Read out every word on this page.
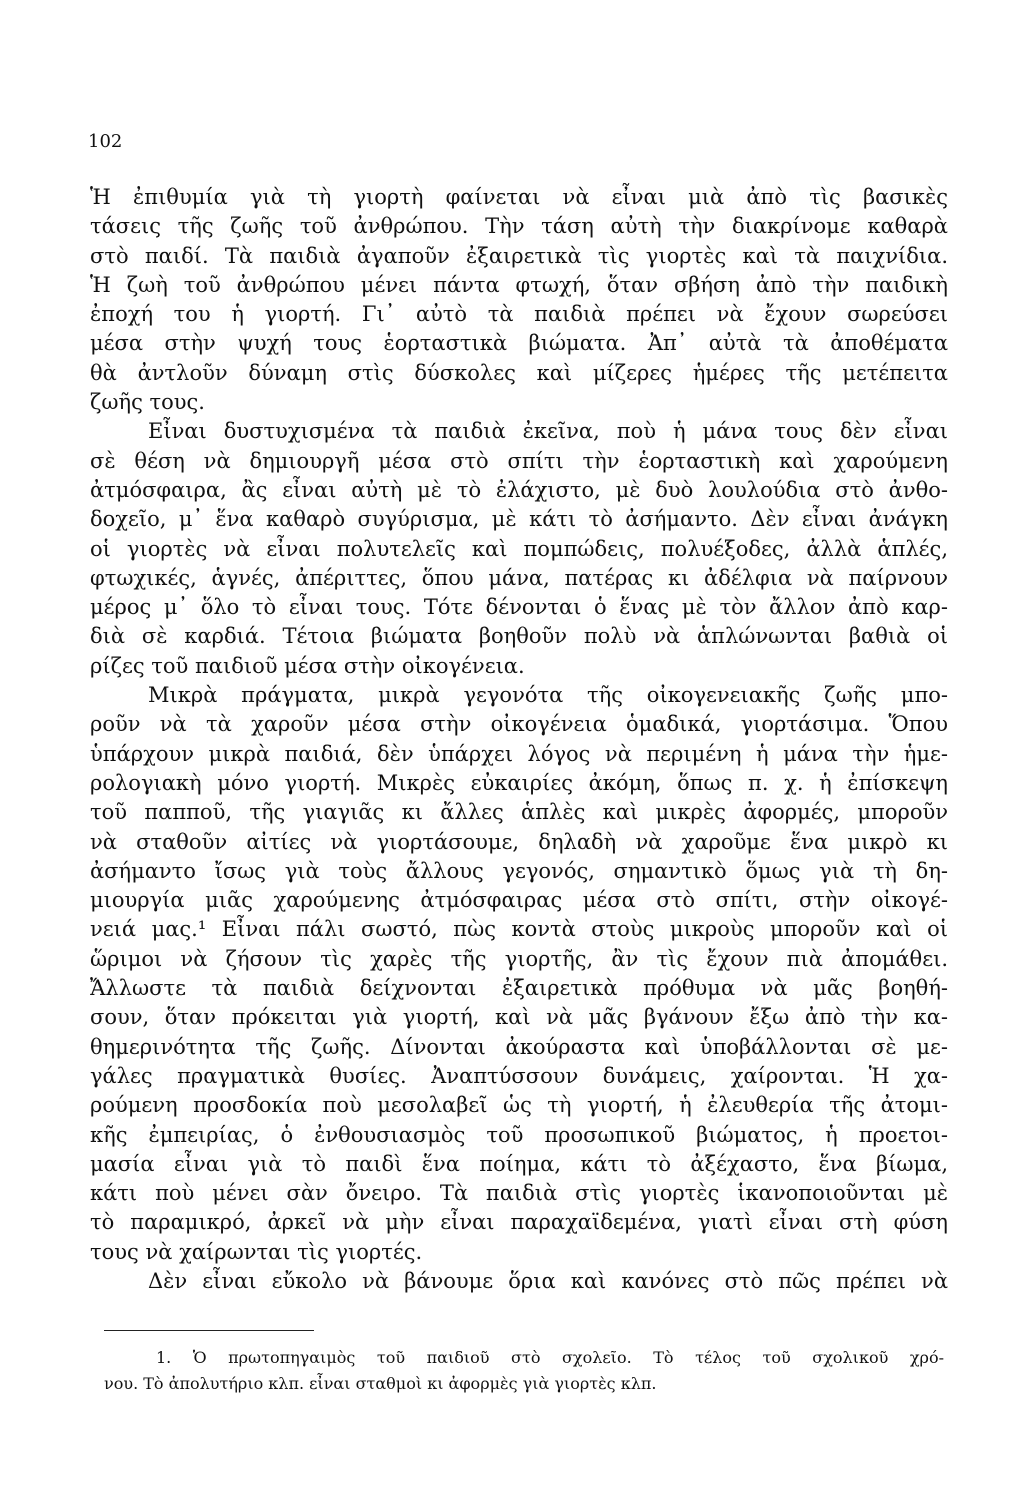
102
Ἡ ἐπιθυμία γιὰ τὴ γιορτὴ φαίνεται νὰ εἶναι μιὰ ἀπὸ τὶς βασικὲς
τάσεις τῆς ζωῆς τοῦ ἀνθρώπου. Τὴν τάση αὐτὴ τὴν διακρίνομε καθαρὰ
στὸ παιδί. Τὰ παιδιὰ ἀγαποῦν ἐξαιρετικὰ τὶς γιορτὲς καὶ τὰ παιχνίδια.
Ἡ ζωὴ τοῦ ἀνθρώπου μένει πάντα φτωχή, ὅταν σβήση ἀπὸ τὴν παιδικὴ
ἐποχή του ἡ γιορτή. Γι᾽ αὐτὸ τὰ παιδιὰ πρέπει νὰ ἔχουν σωρεύσει
μέσα στὴν ψυχή τους ἑορταστικὰ βιώματα. Ἀπ᾽ αὐτὰ τὰ ἀποθέματα
θὰ ἀντλοῦν δύναμη στὶς δύσκολες καὶ μίζερες ἡμέρες τῆς μετέπειτα
ζωῆς τους.
Εἶναι δυστυχισμένα τὰ παιδιὰ ἐκεῖνα, ποὺ ἡ μάνα τους δὲν εἶναι
σὲ θέση νὰ δημιουργῆ μέσα στὸ σπίτι τὴν ἑορταστικὴ καὶ χαρούμενη
ἀτμόσφαιρα, ἂς εἶναι αὐτὴ μὲ τὸ ἐλάχιστο, μὲ δυὸ λουλούδια στὸ ἀνθο-
δοχεῖο, μ᾽ ἕνα καθαρὸ συγύρισμα, μὲ κάτι τὸ ἀσήμαντο. Δὲν εἶναι ἀνάγκη
οἱ γιορτὲς νὰ εἶναι πολυτελεῖς καὶ πομπώδεις, πολυέξοδες, ἀλλὰ ἁπλές,
φτωχικές, ἁγνές, ἀπέριττες, ὅπου μάνα, πατέρας κι ἀδέλφια νὰ παίρνουν
μέρος μ᾽ ὅλο τὸ εἶναι τους. Τότε δένονται ὁ ἕνας μὲ τὸν ἄλλον ἀπὸ καρ-
διὰ σὲ καρδιά. Τέτοια βιώματα βοηθοῦν πολὺ νὰ ἁπλώνωνται βαθιὰ οἱ
ρίζες τοῦ παιδιοῦ μέσα στὴν οἰκογένεια.
Μικρὰ πράγματα, μικρὰ γεγονότα τῆς οἰκογενειακῆς ζωῆς μπο-
ροῦν νὰ τὰ χαροῦν μέσα στὴν οἰκογένεια ὁμαδικά, γιορτάσιμα. Ὅπου
ὑπάρχουν μικρὰ παιδιά, δὲν ὑπάρχει λόγος νὰ περιμένη ἡ μάνα τὴν ἡμε-
ρολογιακὴ μόνο γιορτή. Μικρὲς εὐκαιρίες ἀκόμη, ὅπως π. χ. ἡ ἐπίσκεψη
τοῦ παπποῦ, τῆς γιαγιᾶς κι ἄλλες ἁπλὲς καὶ μικρὲς ἀφορμές, μποροῦν
νὰ σταθοῦν αἰτίες νὰ γιορτάσουμε, δηλαδὴ νὰ χαροῦμε ἕνα μικρὸ κι
ἀσήμαντο ἴσως γιὰ τοὺς ἄλλους γεγονός, σημαντικὸ ὅμως γιὰ τὴ δη-
μιουργία μιᾶς χαρούμενης ἀτμόσφαιρας μέσα στὸ σπίτι, στὴν οἰκογέ-
νειά μας.¹ Εἶναι πάλι σωστό, πὼς κοντὰ στοὺς μικροὺς μποροῦν καὶ οἱ
ὥριμοι νὰ ζήσουν τὶς χαρὲς τῆς γιορτῆς, ἂν τὶς ἔχουν πιὰ ἀπομάθει.
Ἄλλωστε τὰ παιδιὰ δείχνονται ἐξαιρετικὰ πρόθυμα νὰ μᾶς βοηθή-
σουν, ὅταν πρόκειται γιὰ γιορτή, καὶ νὰ μᾶς βγάνουν ἔξω ἀπὸ τὴν κα-
θημερινότητα τῆς ζωῆς. Δίνονται ἀκούραστα καὶ ὑποβάλλονται σὲ με-
γάλες πραγματικὰ θυσίες. Ἀναπτύσσουν δυνάμεις, χαίρονται. Ἡ χα-
ρούμενη προσδοκία ποὺ μεσολαβεῖ ὡς τὴ γιορτή, ἡ ἐλευθερία τῆς ἀτομι-
κῆς ἐμπειρίας, ὁ ἐνθουσιασμὸς τοῦ προσωπικοῦ βιώματος, ἡ προετοι-
μασία εἶναι γιὰ τὸ παιδὶ ἕνα ποίημα, κάτι τὸ ἀξέχαστο, ἕνα βίωμα,
κάτι ποὺ μένει σὰν ὄνειρο. Τὰ παιδιὰ στὶς γιορτὲς ἱκανοποιοῦνται μὲ
τὸ παραμικρό, ἀρκεῖ νὰ μὴν εἶναι παραχαϊδεμένα, γιατὶ εἶναι στὴ φύση
τους νὰ χαίρωνται τὶς γιορτές.
Δὲν εἶναι εὔκολο νὰ βάνουμε ὅρια καὶ κανόνες στὸ πῶς πρέπει νὰ
1. Ὁ πρωτοπηγαιμὸς τοῦ παιδιοῦ στὸ σχολεῖο. Τὸ τέλος τοῦ σχολικοῦ χρό-
νου. Τὸ ἀπολυτήριο κλπ. εἶναι σταθμοὶ κι ἀφορμὲς γιὰ γιορτὲς κλπ.
